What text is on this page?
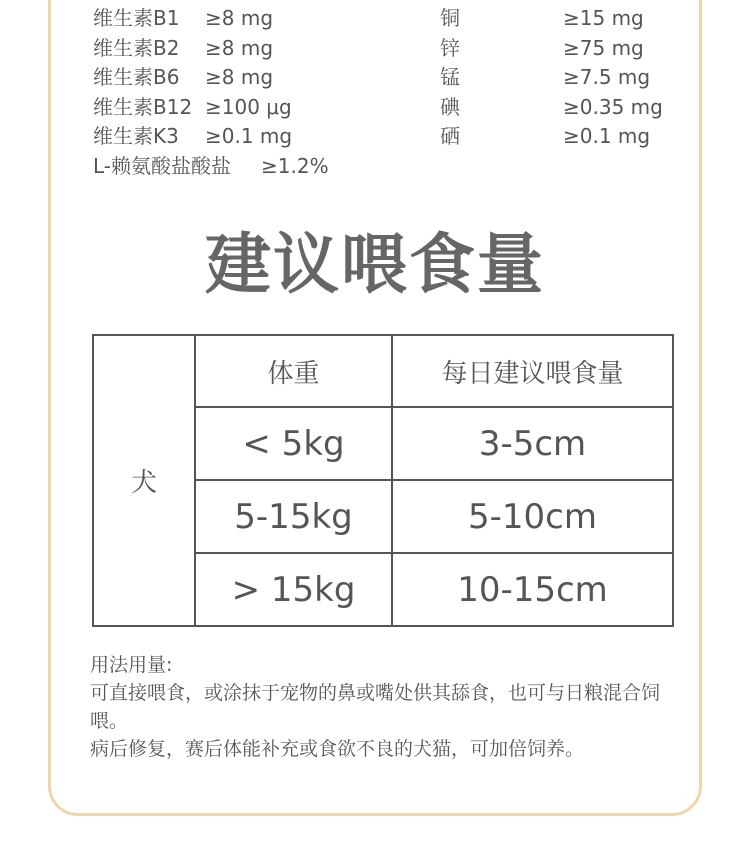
维生素B1 ≥8 mg	铜	≥15 mg
维生素B2 ≥8 mg	锌	≥75 mg
维生素B6 ≥8 mg	锰	≥7.5 mg
维生素B12 ≥100 μg	碘	≥0.35 mg
维生素K3 ≥0.1 mg	硒	≥0.1 mg
L-赖氨酸盐酸盐 ≥1.2%
建议喂食量
犬	体重	每日建议喂食量
	< 5kg	3-5cm
	5-15kg	5-10cm
	> 15kg	10-15cm

用法用量:

可直接喂食，或涂抹于宠物的鼻或嘴处供其舔食，也可与日粮混合饲喂。

病后修复，赛后体能补充或食欲不良的犬猫，可加倍饲养。
